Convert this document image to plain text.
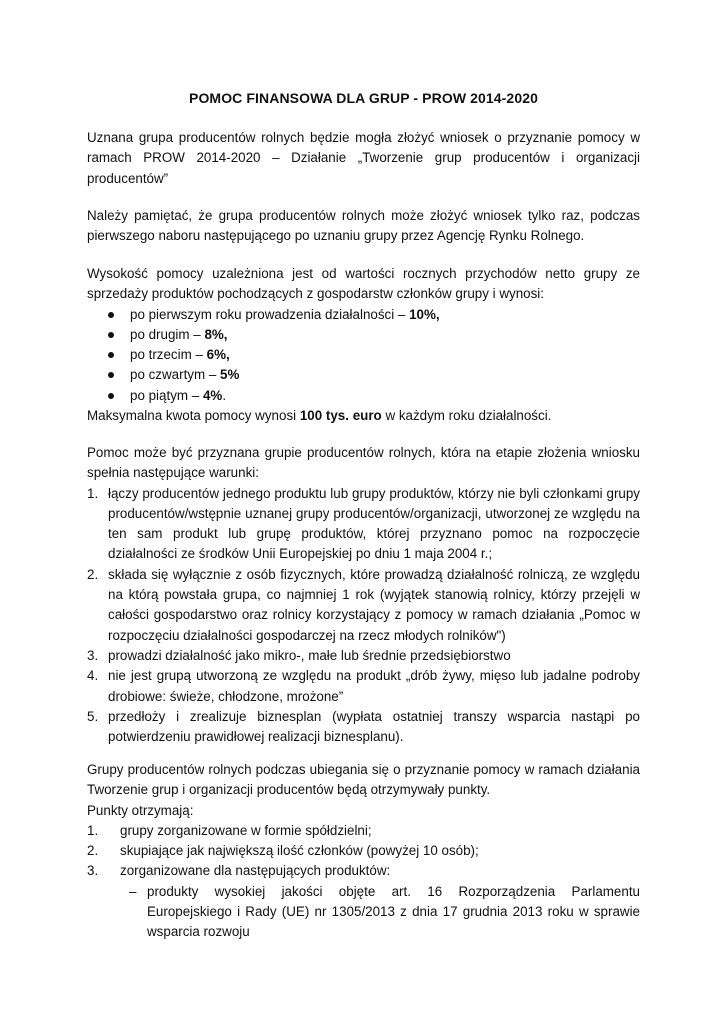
POMOC FINANSOWA DLA GRUP - PROW 2014-2020
Uznana grupa producentów rolnych będzie mogła złożyć wniosek o przyznanie pomocy w ramach PROW 2014-2020 – Działanie „Tworzenie grup producentów i organizacji producentów”
Należy pamiętać, że grupa producentów rolnych może złożyć wniosek tylko raz, podczas pierwszego naboru następującego po uznaniu grupy przez Agencję Rynku Rolnego.
Wysokość pomocy uzależniona jest od wartości rocznych przychodów netto grupy ze sprzedaży produktów pochodzących z gospodarstw członków grupy i wynosi:
po pierwszym roku prowadzenia działalności – 10%,
po drugim – 8%,
po trzecim – 6%,
po czwartym – 5%
po piątym – 4%.
Maksymalna kwota pomocy wynosi 100 tys. euro w każdym roku działalności.
Pomoc może być przyznana grupie producentów rolnych, która na etapie złożenia wniosku spełnia następujące warunki:
1. łączy producentów jednego produktu lub grupy produktów, którzy nie byli członkami grupy producentów/wstępnie uznanej grupy producentów/organizacji, utworzonej ze względu na ten sam produkt lub grupę produktów, której przyznano pomoc na rozpoczęcie działalności ze środków Unii Europejskiej po dniu 1 maja 2004 r.;
2. składa się wyłącznie z osób fizycznych, które prowadzą działalność rolniczą, ze względu na którą powstała grupa, co najmniej 1 rok (wyjątek stanowią rolnicy, którzy przejęli w całości gospodarstwo oraz rolnicy korzystający z pomocy w ramach działania „Pomoc w rozpoczęciu działalności gospodarczej na rzecz młodych rolników")
3. prowadzi działalność jako mikro-, małe lub średnie przedsiębiorstwo
4. nie jest grupą utworzoną ze względu na produkt „drób żywy, mięso lub jadalne podroby drobiowe: świeże, chłodzone, mrożone”
5. przedłoży i zrealizuje biznesplan (wypłata ostatniej transzy wsparcia nastąpi po potwierdzeniu prawidłowej realizacji biznesplanu).
Grupy producentów rolnych podczas ubiegania się o przyznanie pomocy w ramach działania Tworzenie grup i organizacji producentów będą otrzymywały punkty.
Punkty otrzymają:
1. grupy zorganizowane w formie spółdzielni;
2. skupiające jak największą ilość członków (powyżej 10 osób);
3. zorganizowane dla następujących produktów:
– produkty wysokiej jakości objęte art. 16 Rozporządzenia Parlamentu Europejskiego i Rady (UE) nr 1305/2013 z dnia 17 grudnia 2013 roku w sprawie wsparcia rozwoju
